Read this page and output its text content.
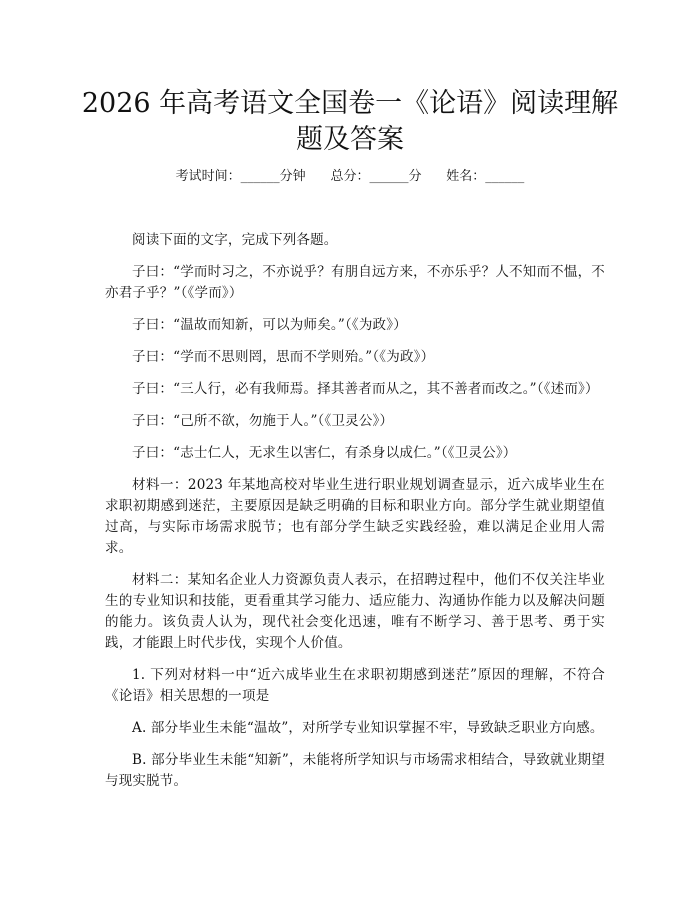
2026 年高考语文全国卷一《论语》阅读理解
题及答案
考试时间：______分钟 总分：______分 姓名：______

阅读下面的文字，完成下列各题。

子曰：“学而时习之，不亦说乎？有朋自远方来，不亦乐乎？人不知而不愠，不亦君子乎？”（《学而》）

子曰：“温故而知新，可以为师矣。”（《为政》）

子曰：“学而不思则罔，思而不学则殆。”（《为政》）

子曰：“三人行，必有我师焉。择其善者而从之，其不善者而改之。”（《述而》）

子曰：“己所不欲，勿施于人。”（《卫灵公》）

子曰：“志士仁人，无求生以害仁，有杀身以成仁。”（《卫灵公》）

材料一：2023 年某地高校对毕业生进行职业规划调查显示，近六成毕业生在求职初期感到迷茫，主要原因是缺乏明确的目标和职业方向。部分学生就业期望值过高，与实际市场需求脱节；也有部分学生缺乏实践经验，难以满足企业用人需求。

材料二：某知名企业人力资源负责人表示，在招聘过程中，他们不仅关注毕业生的专业知识和技能，更看重其学习能力、适应能力、沟通协作能力以及解决问题的能力。该负责人认为，现代社会变化迅速，唯有不断学习、善于思考、勇于实践，才能跟上时代步伐，实现个人价值。

1. 下列对材料一中“近六成毕业生在求职初期感到迷茫”原因的理解，不符合《论语》相关思想的一项是

A. 部分毕业生未能“温故”，对所学专业知识掌握不牢，导致缺乏职业方向感。

B. 部分毕业生未能“知新”，未能将所学知识与市场需求相结合，导致就业期望与现实脱节。
